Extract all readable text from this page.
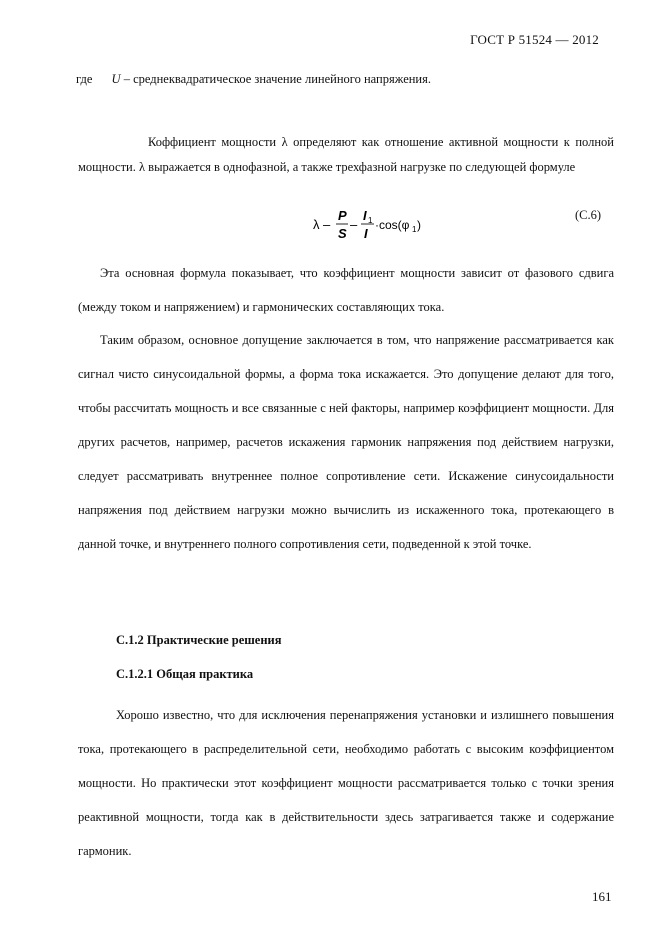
ГОСТ Р 51524 — 2012
где U – среднеквадратическое значение линейного напряжения.
Коффициент мощности λ определяют как отношение активной мощности к полной мощности. λ выражается в однофазной, а также трехфазной нагрузке по следующей формуле
λ –
P
S
–
I 1
I
·cos(φ 1 )
(С.6)
Эта основная формула показывает, что коэффициент мощности зависит от фазового сдвига (между током и напряжением) и гармонических составляющих тока.
Таким образом, основное допущение заключается в том, что напряжение рассматривается как сигнал чисто синусоидальной формы, а форма тока искажается. Это допущение делают для того, чтобы рассчитать мощность и все связанные с ней факторы, например коэффициент мощности. Для других расчетов, например, расчетов искажения гармоник напряжения под действием нагрузки, следует рассматривать внутреннее полное сопротивление сети. Искажение синусоидальности напряжения под действием нагрузки можно вычислить из искаженного тока, протекающего в данной точке, и внутреннего полного сопротивления сети, подведенной к этой точке.
С.1.2 Практические решения
С.1.2.1 Общая практика
Хорошо известно, что для исключения перенапряжения установки и излишнего повышения тока, протекающего в распределительной сети, необходимо работать с высоким коэффициентом мощности. Но практически этот коэффициент мощности рассматривается только с точки зрения реактивной мощности, тогда как в действительности здесь затрагивается также и содержание гармоник.
161
